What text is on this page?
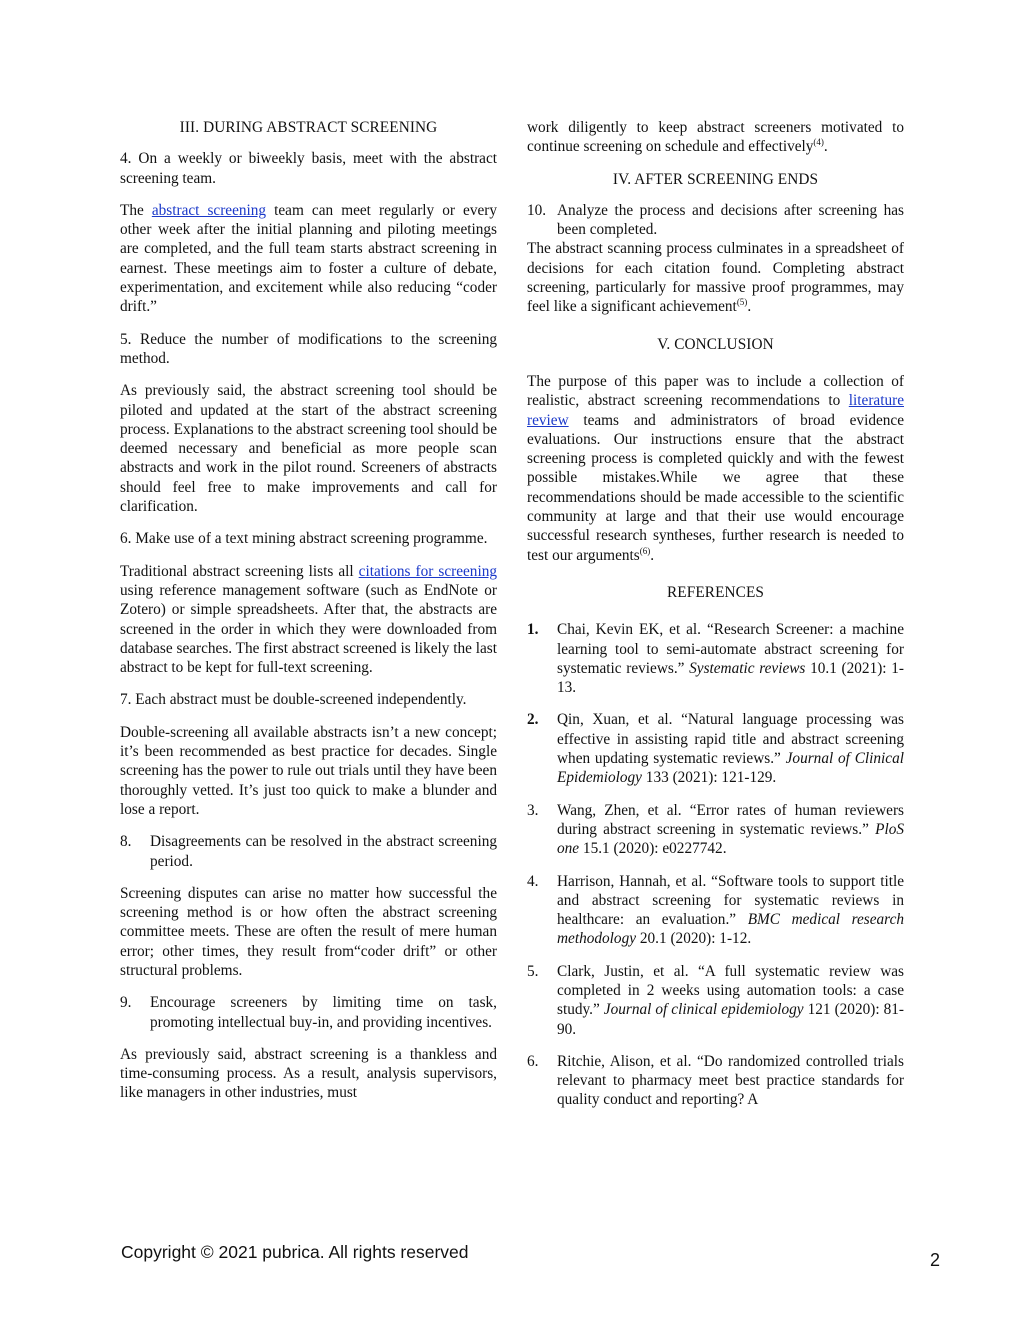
III. DURING ABSTRACT SCREENING

4. On a weekly or biweekly basis, meet with the abstract screening team.

The abstract screening team can meet regularly or every other week after the initial planning and piloting meetings are completed, and the full team starts abstract screening in earnest. These meetings aim to foster a culture of debate, experimentation, and excitement while also reducing “coder drift.”

5. Reduce the number of modifications to the screening method.

As previously said, the abstract screening tool should be piloted and updated at the start of the abstract screening process. Explanations to the abstract screening tool should be deemed necessary and beneficial as more people scan abstracts and work in the pilot round. Screeners of abstracts should feel free to make improvements and call for clarification.

6. Make use of a text mining abstract screening programme.

Traditional abstract screening lists all citations for screening using reference management software (such as EndNote or Zotero) or simple spreadsheets. After that, the abstracts are screened in the order in which they were downloaded from database searches. The first abstract screened is likely the last abstract to be kept for full-text screening.

7. Each abstract must be double-screened independently.

Double-screening all available abstracts isn’t a new concept; it’s been recommended as best practice for decades. Single screening has the power to rule out trials until they have been thoroughly vetted. It’s just too quick to make a blunder and lose a report.

8.	Disagreements can be resolved in the abstract screening period.

Screening disputes can arise no matter how successful the screening method is or how often the abstract screening committee meets. These are often the result of mere human error; other times, they result from“coder drift” or other structural problems.

9.	Encourage screeners by limiting time on task, promoting intellectual buy-in, and providing incentives.

As previously said, abstract screening is a thankless and time-consuming process. As a result, analysis supervisors, like managers in other industries, must

work diligently to keep abstract screeners motivated to continue screening on schedule and effectively$^{(4)}$.

IV. AFTER SCREENING ENDS
10. Analyze the process and decisions after screening has been completed.

The abstract scanning process culminates in a spreadsheet of decisions for each citation found. Completing abstract screening, particularly for massive proof programmes, may feel like a significant achievement$^{(5)}$.

V. CONCLUSION

The purpose of this paper was to include a collection of realistic, abstract screening recommendations to literature review teams and administrators of broad evidence evaluations. Our instructions ensure that the abstract screening process is completed quickly and with the fewest possible mistakes.While we agree that these recommendations should be made accessible to the scientific community at large and that their use would encourage successful research syntheses, further research is needed to test our arguments$^{(6)}$.

REFERENCES
1.	Chai, Kevin EK, et al. “Research Screener: a machine learning tool to semi-automate abstract screening for systematic reviews.” Systematic reviews 10.1 (2021): 1-13.
2.	Qin, Xuan, et al. “Natural language processing was effective in assisting rapid title and abstract screening when updating systematic reviews.” Journal of Clinical Epidemiology 133 (2021): 121-129.
3.	Wang, Zhen, et al. “Error rates of human reviewers during abstract screening in systematic reviews.” PloS one 15.1 (2020): e0227742.
4.	Harrison, Hannah, et al. “Software tools to support title and abstract screening for systematic reviews in healthcare: an evaluation.” BMC medical research methodology 20.1 (2020): 1-12.
5.	Clark, Justin, et al. “A full systematic review was completed in 2 weeks using automation tools: a case study.” Journal of clinical epidemiology 121 (2020): 81-90.
6.	Ritchie, Alison, et al. “Do randomized controlled trials relevant to pharmacy meet best practice standards for quality conduct and reporting? A
Copyright © 2021 pubrica. All rights reserved	2
